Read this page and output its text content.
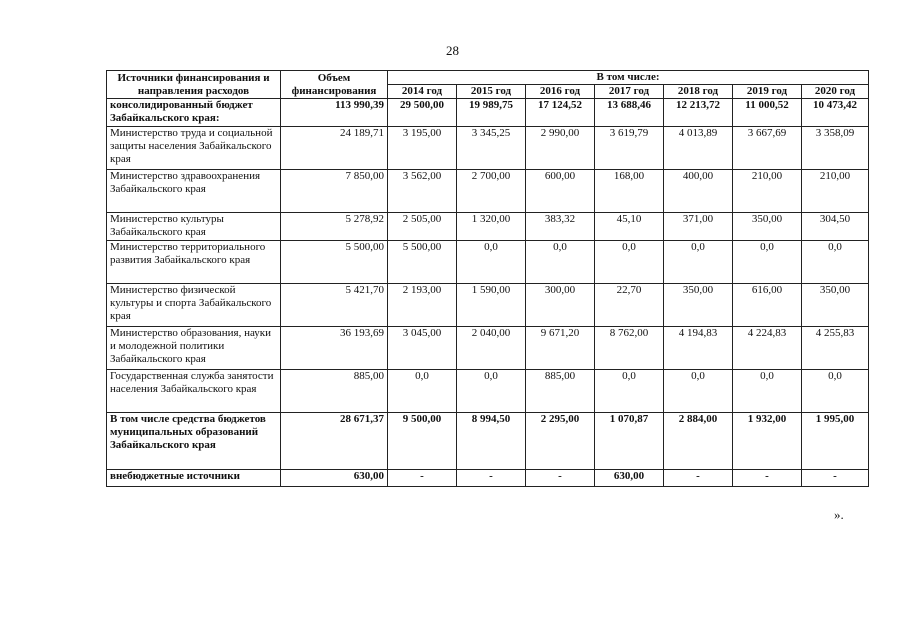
28
Источники финансирования и направления расходов	Объем финансирования	В том числе:						
		2014 год	2015 год	2016 год	2017 год	2018 год	2019 год	2020 год
консолидированный бюджет Забайкальского края:	113 990,39	29 500,00	19 989,75	17 124,52	13 688,46	12 213,72	11 000,52	10 473,42
Министерство труда и социальной защиты населения Забайкальского края	24 189,71	3 195,00	3 345,25	2 990,00	3 619,79	4 013,89	3 667,69	3 358,09
Министерство здравоохранения Забайкальского края	7 850,00	3 562,00	2 700,00	600,00	168,00	400,00	210,00	210,00
Министерство культуры Забайкальского края	5 278,92	2 505,00	1 320,00	383,32	45,10	371,00	350,00	304,50
Министерство территориального развития Забайкальского края	5 500,00	5 500,00	0,0	0,0	0,0	0,0	0,0	0,0
Министерство физической культуры и спорта Забайкальского края	5 421,70	2 193,00	1 590,00	300,00	22,70	350,00	616,00	350,00
Министерство образования, науки и молодежной политики Забайкальского края	36 193,69	3 045,00	2 040,00	9 671,20	8 762,00	4 194,83	4 224,83	4 255,83
Государственная служба занятости населения Забайкальского края	885,00	0,0	0,0	885,00	0,0	0,0	0,0	0,0
В том числе средства бюджетов муниципальных образований Забайкальского края	28 671,37	9 500,00	8 994,50	2 295,00	1 070,87	2 884,00	1 932,00	1 995,00
внебюджетные источники	630,00	-	-	-	630,00	-	-	-
».
